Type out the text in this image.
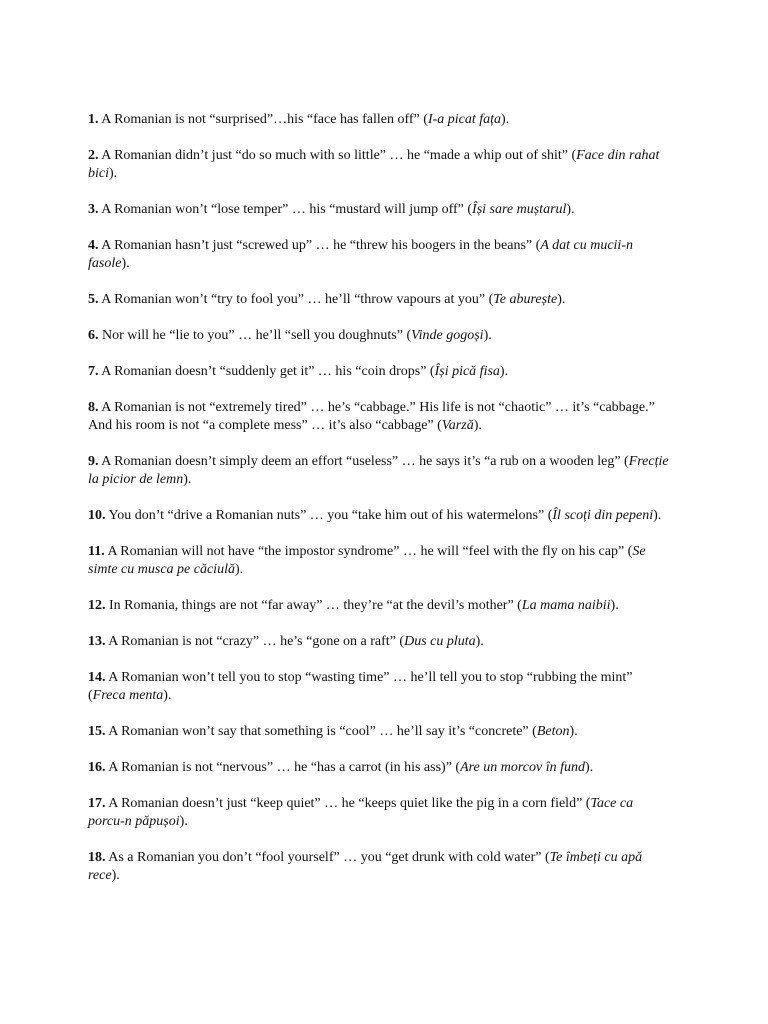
1. A Romanian is not “surprised”…his “face has fallen off” (I-a picat fața).

2. A Romanian didn’t just “do so much with so little” … he “made a whip out of shit” (Face din rahat bici).

3. A Romanian won’t “lose temper” … his “mustard will jump off” (Își sare muștarul).

4. A Romanian hasn’t just “screwed up” … he “threw his boogers in the beans” (A dat cu mucii-n fasole).

5. A Romanian won’t “try to fool you” … he’ll “throw vapours at you” (Te aburește).

6. Nor will he “lie to you” … he’ll “sell you doughnuts” (Vinde gogoși).

7. A Romanian doesn’t “suddenly get it” … his “coin drops” (Își pică fisa).

8. A Romanian is not “extremely tired” … he’s “cabbage.” His life is not “chaotic” … it’s “cabbage.” And his room is not “a complete mess” … it’s also “cabbage” (Varză).

9. A Romanian doesn’t simply deem an effort “useless” … he says it’s “a rub on a wooden leg” (Frecție la picior de lemn).

10. You don’t “drive a Romanian nuts” … you “take him out of his watermelons” (Îl scoți din pepeni).

11. A Romanian will not have “the impostor syndrome” … he will “feel with the fly on his cap” (Se simte cu musca pe căciulă).

12. In Romania, things are not “far away” … they’re “at the devil’s mother” (La mama naibii).

13. A Romanian is not “crazy” … he’s “gone on a raft” (Dus cu pluta).

14. A Romanian won’t tell you to stop “wasting time” … he’ll tell you to stop “rubbing the mint” (Freca menta).

15. A Romanian won’t say that something is “cool” … he’ll say it’s “concrete” (Beton).

16. A Romanian is not “nervous” … he “has a carrot (in his ass)” (Are un morcov în fund).

17. A Romanian doesn’t just “keep quiet” … he “keeps quiet like the pig in a corn field” (Tace ca porcu-n păpușoi).

18. As a Romanian you don’t “fool yourself” … you “get drunk with cold water” (Te îmbeți cu apă rece).
